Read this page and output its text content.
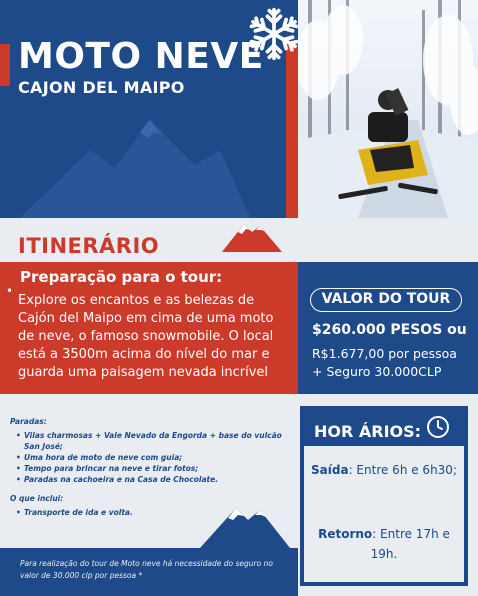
MOTO NEVE
CAJON DEL MAIPO
ITINERÁRIO
Preparação para o tour:
•
Explore os encantos e as belezas de Cajón del Maipo em cima de uma moto de neve, o famoso snowmobile. O local está a 3500m acima do nível do mar e guarda uma paisagem nevada incrível
VALOR DO TOUR
$260.000 PESOS ou
R$1.677,00 por pessoa
+ Seguro 30.000CLP
Paradas:
• Vilas charmosas + Vale Nevado da Engorda + base do vulcão San José;
• Uma hora de moto de neve com guia;
• Tempo para brincar na neve e tirar fotos;
• Paradas na cachoeira e na Casa de Chocolate.
O que inclui:
• Transporte de ida e volta.
Para realização do tour de Moto neve há necessidade do seguro no valor de 30.000 clp por pessoa *
HOR ÁRIOS:
Saída: Entre 6h e 6h30;
Retorno: Entre 17h e 19h.
